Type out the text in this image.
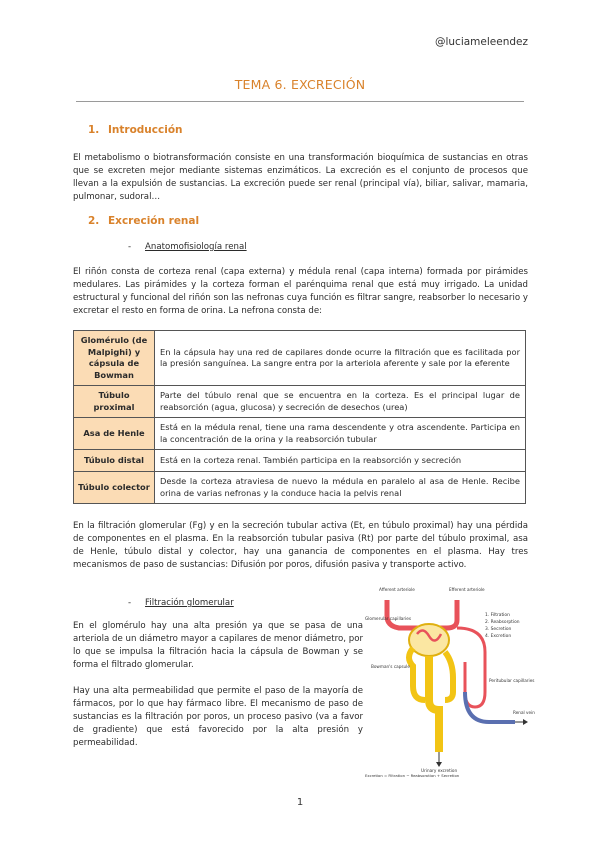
@luciameleendez
TEMA 6. EXCRECIÓN
1. Introducción
El metabolismo o biotransformación consiste en una transformación bioquímica de sustancias en otras que se excreten mejor mediante sistemas enzimáticos. La excreción es el conjunto de procesos que llevan a la expulsión de sustancias. La excreción puede ser renal (principal vía), biliar, salivar, mamaria, pulmonar, sudoral…
2. Excreción renal
- Anatomofisiología renal
El riñón consta de corteza renal (capa externa) y médula renal (capa interna) formada por pirámides medulares. Las pirámides y la corteza forman el parénquima renal que está muy irrigado. La unidad estructural y funcional del riñón son las nefronas cuya función es filtrar sangre, reabsorber lo necesario y excretar el resto en forma de orina. La nefrona consta de:
Glomérulo (de Malpighi) y cápsula de Bowman	En la cápsula hay una red de capilares donde ocurre la filtración que es facilitada por la presión sanguínea. La sangre entra por la arteriola aferente y sale por la eferente
Túbulo proximal	Parte del túbulo renal que se encuentra en la corteza. Es el principal lugar de reabsorción (agua, glucosa) y secreción de desechos (urea)
Asa de Henle	Está en la médula renal, tiene una rama descendente y otra ascendente. Participa en la concentración de la orina y la reabsorción tubular
Túbulo distal	Está en la corteza renal. También participa en la reabsorción y secreción
Túbulo colector	Desde la corteza atraviesa de nuevo la médula en paralelo al asa de Henle. Recibe orina de varias nefronas y la conduce hacia la pelvis renal
En la filtración glomerular (Fg) y en la secreción tubular activa (Et, en túbulo proximal) hay una pérdida de componentes en el plasma. En la reabsorción tubular pasiva (Rt) por parte del túbulo proximal, asa de Henle, túbulo distal y colector, hay una ganancia de componentes en el plasma. Hay tres mecanismos de paso de sustancias: Difusión por poros, difusión pasiva y transporte activo.
- Filtración glomerular
En el glomérulo hay una alta presión ya que se pasa de una arteriola de un diámetro mayor a capilares de menor diámetro, por lo que se impulsa la filtración hacia la cápsula de Bowman y se forma el filtrado glomerular.
Hay una alta permeabilidad que permite el paso de la mayoría de fármacos, por lo que hay fármaco libre. El mecanismo de paso de sustancias es la filtración por poros, un proceso pasivo (va a favor de gradiente) que está favorecido por la alta presión y permeabilidad.
Afferent arteriole	Efferent arteriole
Glomerular capillaries
Bowman's capsule
Peritubular capillaries
Renal vein
Urinary excretion
1. Filtration
2. Reabsorption
3. Secretion
4. Excretion
Excretion = Filtration − Reabsorption + Secretion
1
